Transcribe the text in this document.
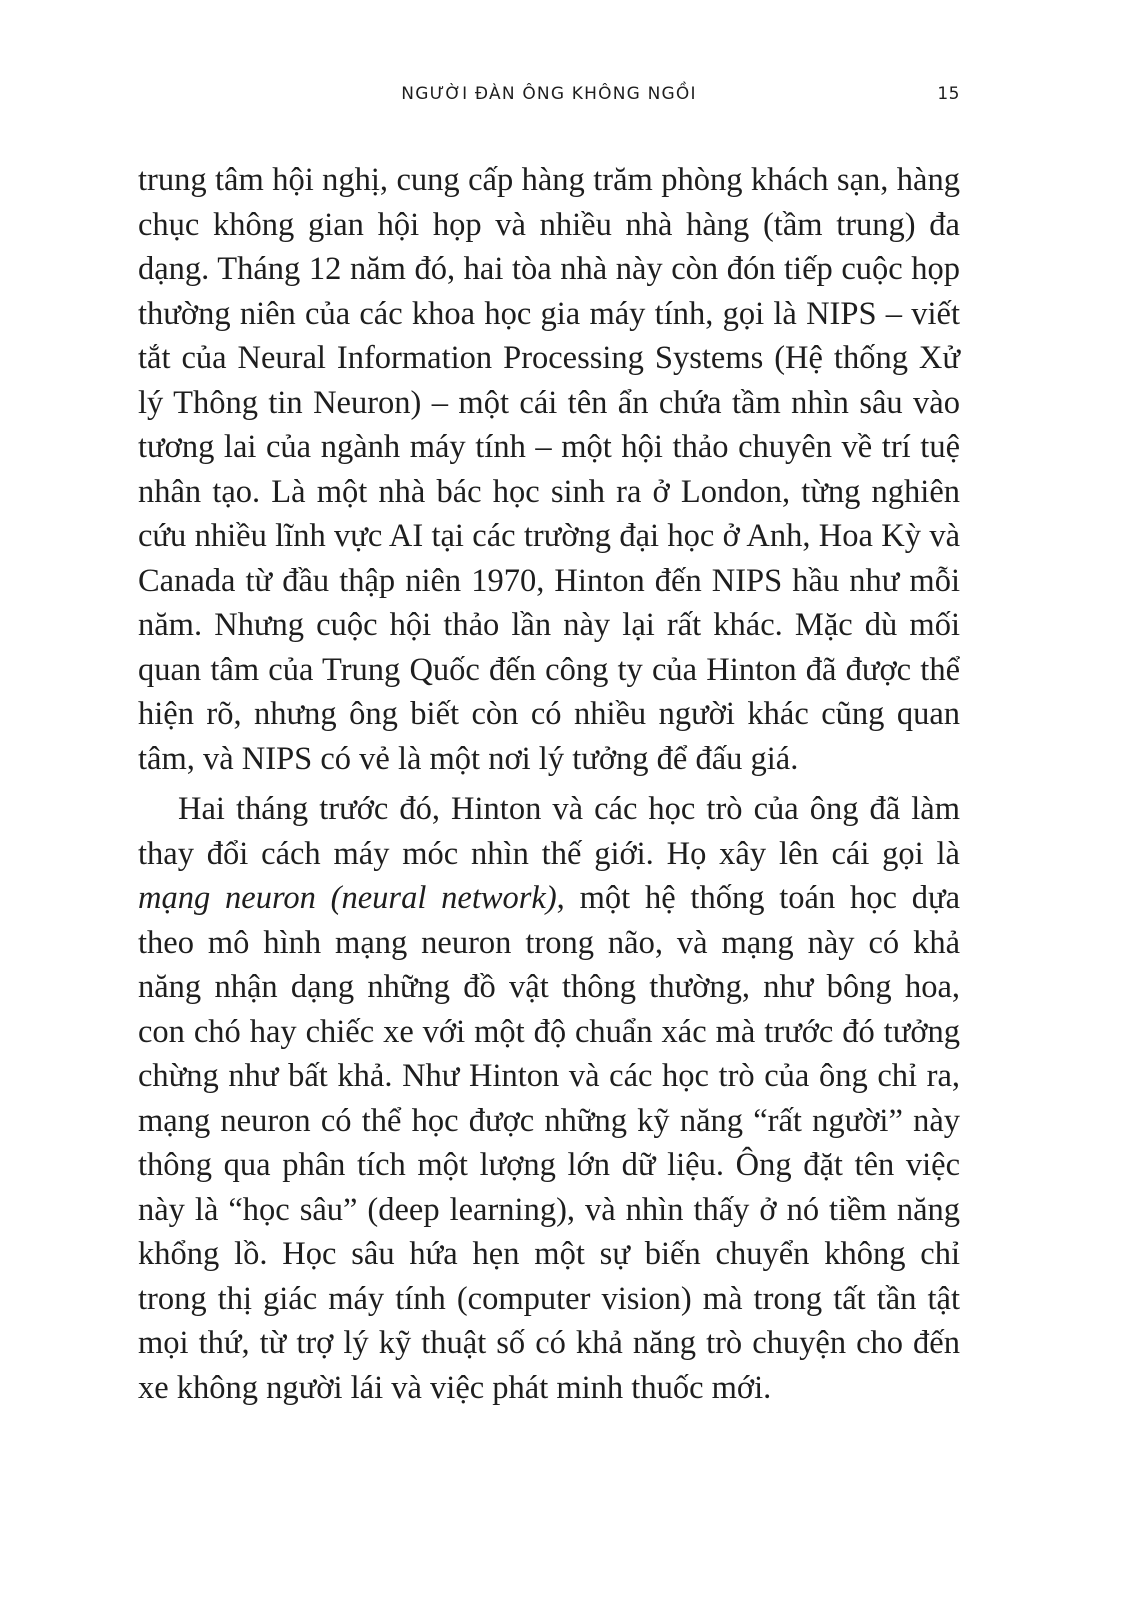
NGƯỜI ĐÀN ÔNG KHÔNG NGỒI	15

trung tâm hội nghị, cung cấp hàng trăm phòng khách sạn, hàng chục không gian hội họp và nhiều nhà hàng (tầm trung) đa dạng. Tháng 12 năm đó, hai tòa nhà này còn đón tiếp cuộc họp thường niên của các khoa học gia máy tính, gọi là NIPS – viết tắt của Neural Information Processing Systems (Hệ thống Xử lý Thông tin Neuron) – một cái tên ẩn chứa tầm nhìn sâu vào tương lai của ngành máy tính – một hội thảo chuyên về trí tuệ nhân tạo. Là một nhà bác học sinh ra ở London, từng nghiên cứu nhiều lĩnh vực AI tại các trường đại học ở Anh, Hoa Kỳ và Canada từ đầu thập niên 1970, Hinton đến NIPS hầu như mỗi năm. Nhưng cuộc hội thảo lần này lại rất khác. Mặc dù mối quan tâm của Trung Quốc đến công ty của Hinton đã được thể hiện rõ, nhưng ông biết còn có nhiều người khác cũng quan tâm, và NIPS có vẻ là một nơi lý tưởng để đấu giá.

Hai tháng trước đó, Hinton và các học trò của ông đã làm thay đổi cách máy móc nhìn thế giới. Họ xây lên cái gọi là mạng neuron (neural network), một hệ thống toán học dựa theo mô hình mạng neuron trong não, và mạng này có khả năng nhận dạng những đồ vật thông thường, như bông hoa, con chó hay chiếc xe với một độ chuẩn xác mà trước đó tưởng chừng như bất khả. Như Hinton và các học trò của ông chỉ ra, mạng neuron có thể học được những kỹ năng “rất người” này thông qua phân tích một lượng lớn dữ liệu. Ông đặt tên việc này là “học sâu” (deep learning), và nhìn thấy ở nó tiềm năng khổng lồ. Học sâu hứa hẹn một sự biến chuyển không chỉ trong thị giác máy tính (computer vision) mà trong tất tần tật mọi thứ, từ trợ lý kỹ thuật số có khả năng trò chuyện cho đến xe không người lái và việc phát minh thuốc mới.
